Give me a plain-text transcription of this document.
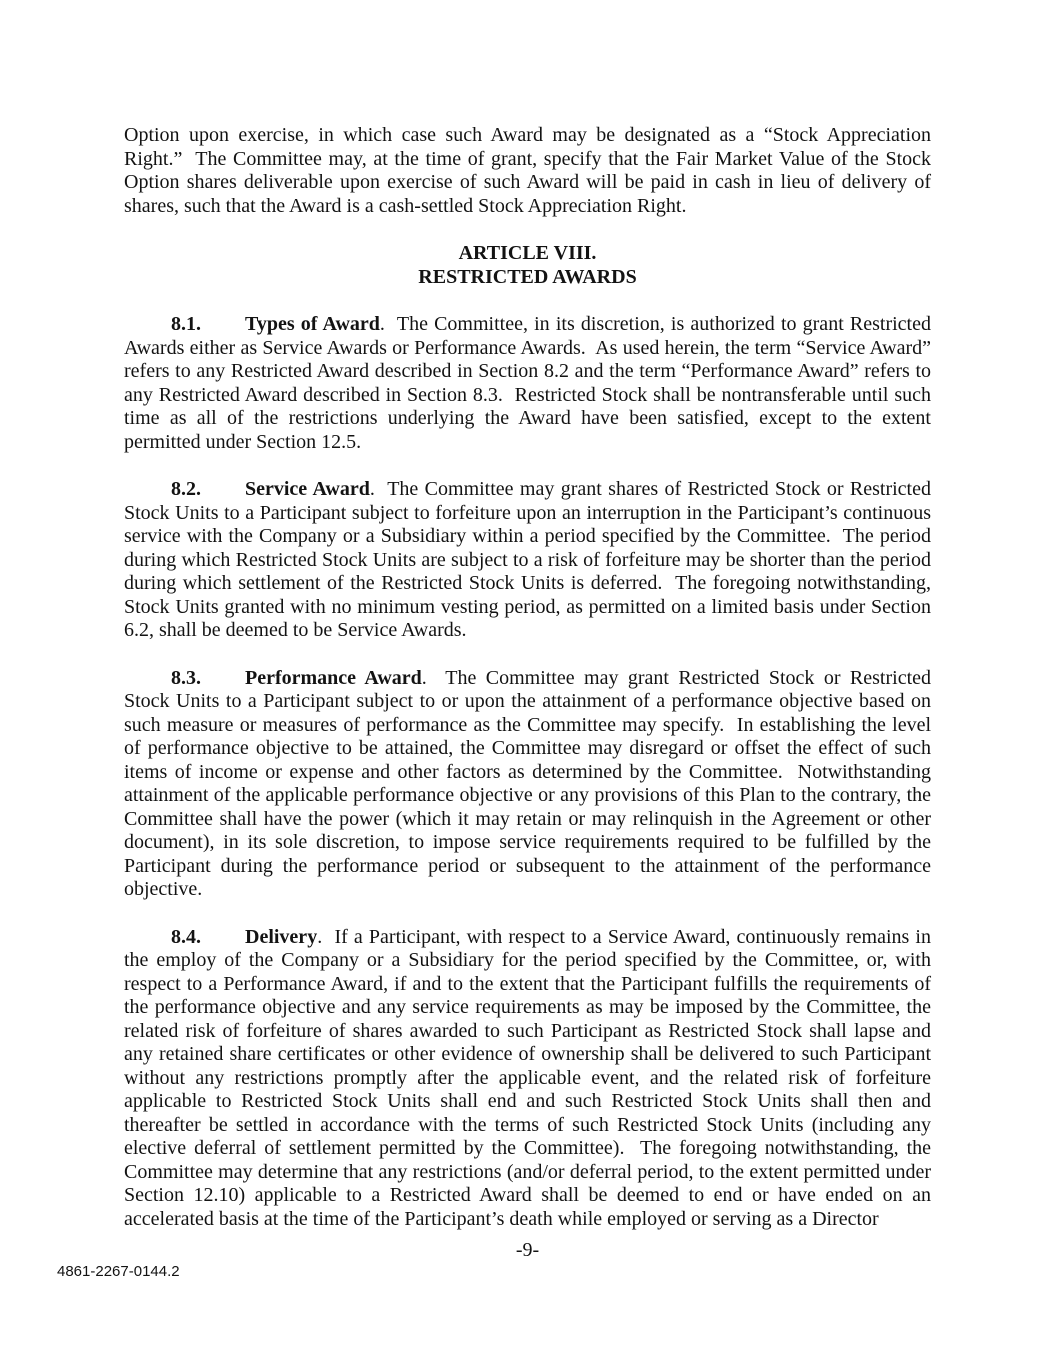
Option upon exercise, in which case such Award may be designated as a “Stock Appreciation Right.”  The Committee may, at the time of grant, specify that the Fair Market Value of the Stock Option shares deliverable upon exercise of such Award will be paid in cash in lieu of delivery of shares, such that the Award is a cash-settled Stock Appreciation Right.

ARTICLE VIII.
RESTRICTED AWARDS

8.1. Types of Award.  The Committee, in its discretion, is authorized to grant Restricted Awards either as Service Awards or Performance Awards.  As used herein, the term “Service Award” refers to any Restricted Award described in Section 8.2 and the term “Performance Award” refers to any Restricted Award described in Section 8.3.  Restricted Stock shall be nontransferable until such time as all of the restrictions underlying the Award have been satisfied, except to the extent permitted under Section 12.5.

8.2. Service Award.  The Committee may grant shares of Restricted Stock or Restricted Stock Units to a Participant subject to forfeiture upon an interruption in the Participant’s continuous service with the Company or a Subsidiary within a period specified by the Committee.  The period during which Restricted Stock Units are subject to a risk of forfeiture may be shorter than the period during which settlement of the Restricted Stock Units is deferred.  The foregoing notwithstanding, Stock Units granted with no minimum vesting period, as permitted on a limited basis under Section 6.2, shall be deemed to be Service Awards.

8.3. Performance Award.  The Committee may grant Restricted Stock or Restricted Stock Units to a Participant subject to or upon the attainment of a performance objective based on such measure or measures of performance as the Committee may specify.  In establishing the level of performance objective to be attained, the Committee may disregard or offset the effect of such items of income or expense and other factors as determined by the Committee.  Notwithstanding attainment of the applicable performance objective or any provisions of this Plan to the contrary, the Committee shall have the power (which it may retain or may relinquish in the Agreement or other document), in its sole discretion, to impose service requirements required to be fulfilled by the Participant during the performance period or subsequent to the attainment of the performance objective.

8.4. Delivery.  If a Participant, with respect to a Service Award, continuously remains in the employ of the Company or a Subsidiary for the period specified by the Committee, or, with respect to a Performance Award, if and to the extent that the Participant fulfills the requirements of the performance objective and any service requirements as may be imposed by the Committee, the related risk of forfeiture of shares awarded to such Participant as Restricted Stock shall lapse and any retained share certificates or other evidence of ownership shall be delivered to such Participant without any restrictions promptly after the applicable event, and the related risk of forfeiture applicable to Restricted Stock Units shall end and such Restricted Stock Units shall then and thereafter be settled in accordance with the terms of such Restricted Stock Units (including any elective deferral of settlement permitted by the Committee).  The foregoing notwithstanding, the Committee may determine that any restrictions (and/or deferral period, to the extent permitted under Section 12.10) applicable to a Restricted Award shall be deemed to end or have ended on an accelerated basis at the time of the Participant’s death while employed or serving as a Director

-9-
4861-2267-0144.2
